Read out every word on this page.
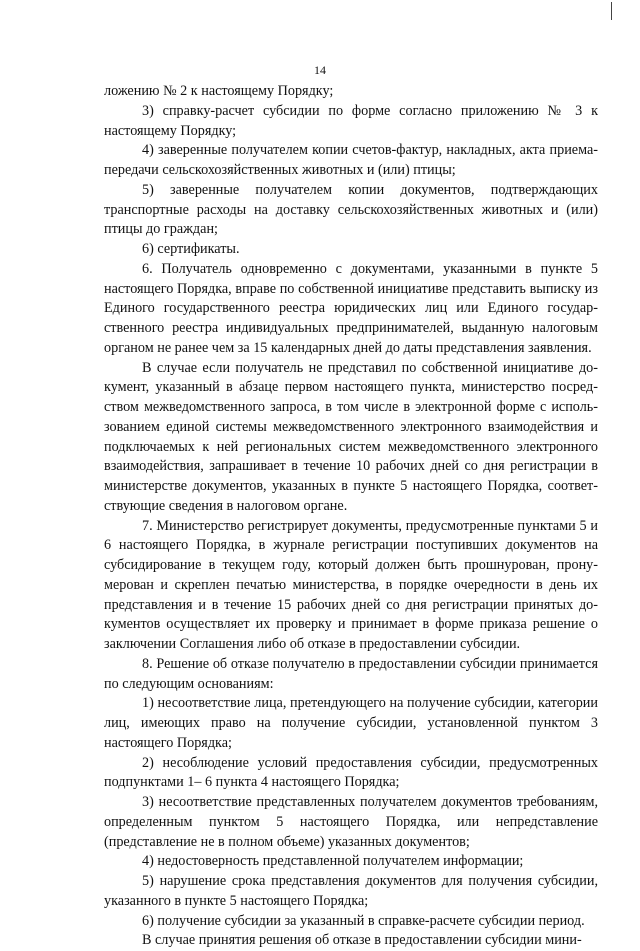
14

ложению № 2 к настоящему Порядку;

3) справку-расчет субсидии по форме согласно приложению № 3 к настоящему Порядку;

4) заверенные получателем копии счетов-фактур, накладных, акта приема-передачи сельскохозяйственных животных и (или) птицы;

5) заверенные получателем копии документов, подтверждающих транспортные расходы на доставку сельскохозяйственных животных и (или) птицы до граждан;

6) сертификаты.

6. Получатель одновременно с документами, указанными в пункте 5 настоящего Порядка, вправе по собственной инициативе представить выписку из Единого государственного реестра юридических лиц или Единого государственного реестра индивидуальных предпринимателей, выданную налоговым органом не ранее чем за 15 календарных дней до даты представления заявления.

В случае если получатель не представил по собственной инициативе документ, указанный в абзаце первом настоящего пункта, министерство посредством межведомственного запроса, в том числе в электронной форме с использованием единой системы межведомственного электронного взаимодействия и подключаемых к ней региональных систем межведомственного электронного взаимодействия, запрашивает в течение 10 рабочих дней со дня регистрации в министерстве документов, указанных в пункте 5 настоящего Порядка, соответствующие сведения в налоговом органе.

7. Министерство регистрирует документы, предусмотренные пунктами 5 и 6 настоящего Порядка, в журнале регистрации поступивших документов на субсидирование в текущем году, который должен быть прошнурован, пронумерован и скреплен печатью министерства, в порядке очередности в день их представления и в течение 15 рабочих дней со дня регистрации принятых документов осуществляет их проверку и принимает в форме приказа решение о заключении Соглашения либо об отказе в предоставлении субсидии.

8. Решение об отказе получателю в предоставлении субсидии принимается по следующим основаниям:

1) несоответствие лица, претендующего на получение субсидии, категории лиц, имеющих право на получение субсидии, установленной пунктом 3 настоящего Порядка;

2) несоблюдение условий предоставления субсидии, предусмотренных подпунктами 1– 6 пункта 4 настоящего Порядка;

3) несоответствие представленных получателем документов требованиям, определенным пунктом 5 настоящего Порядка, или непредставление (представление не в полном объеме) указанных документов;

4) недостоверность представленной получателем информации;

5) нарушение срока представления документов для получения субсидии, указанного в пункте 5 настоящего Порядка;

6) получение субсидии за указанный в справке-расчете субсидии период.

В случае принятия решения об отказе в предоставлении субсидии мини-
